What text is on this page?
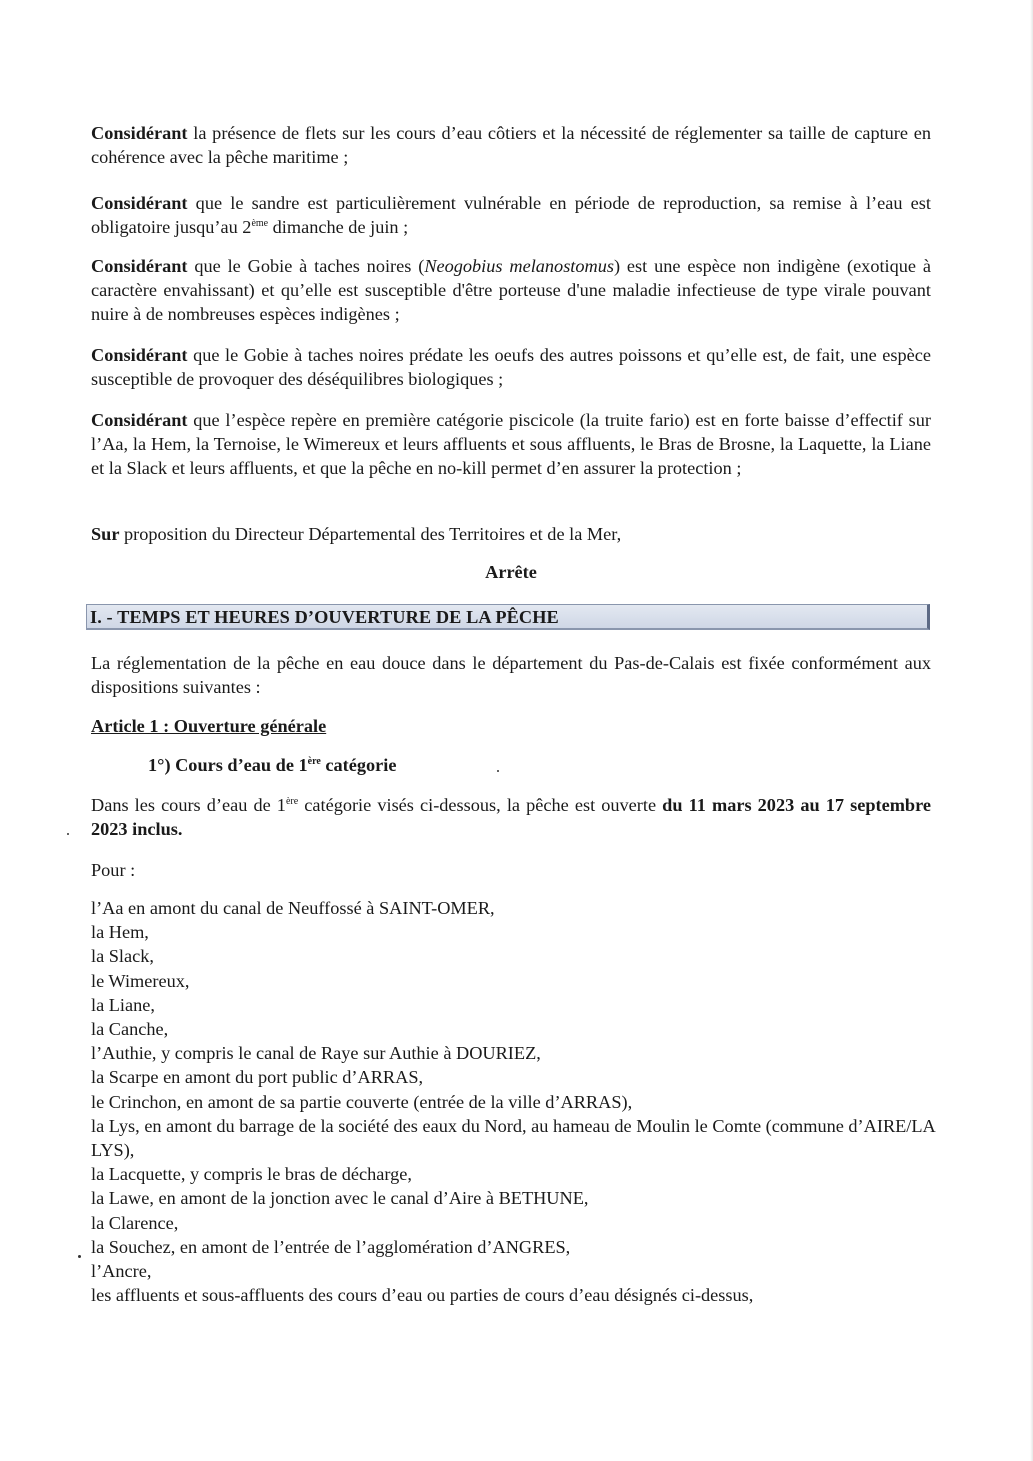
Considérant la présence de flets sur les cours d’eau côtiers et la nécessité de réglementer sa taille de capture en cohérence avec la pêche maritime ;
Considérant que le sandre est particulièrement vulnérable en période de reproduction, sa remise à l’eau est obligatoire jusqu’au 2ème dimanche de juin ;
Considérant que le Gobie à taches noires (Neogobius melanostomus) est une espèce non indigène (exotique à caractère envahissant) et qu’elle est susceptible d'être porteuse d'une maladie infectieuse de type virale pouvant nuire à de nombreuses espèces indigènes ;
Considérant que le Gobie à taches noires prédate les oeufs des autres poissons et qu’elle est, de fait, une espèce susceptible de provoquer des déséquilibres biologiques ;
Considérant que l’espèce repère en première catégorie piscicole (la truite fario) est en forte baisse d’effectif sur l’Aa, la Hem, la Ternoise, le Wimereux et leurs affluents et sous affluents, le Bras de Brosne, la Laquette, la Liane et la Slack et leurs affluents, et que la pêche en no-kill permet d’en assurer la protection ;
Sur proposition du Directeur Départemental des Territoires et de la Mer,
Arrête
I. - TEMPS ET HEURES D’OUVERTURE DE LA PÊCHE
La réglementation de la pêche en eau douce dans le département du Pas-de-Calais est fixée conformément aux dispositions suivantes :
Article 1 : Ouverture générale
1°) Cours d’eau de 1ère catégorie
Dans les cours d’eau de 1ère catégorie visés ci-dessous, la pêche est ouverte du 11 mars 2023 au 17 septembre 2023 inclus.
Pour :
l’Aa en amont du canal de Neuffossé à SAINT-OMER,
la Hem,
la Slack,
le Wimereux,
la Liane,
la Canche,
l’Authie, y compris le canal de Raye sur Authie à DOURIEZ,
la Scarpe en amont du port public d’ARRAS,
le Crinchon, en amont de sa partie couverte (entrée de la ville d’ARRAS),
la Lys, en amont du barrage de la société des eaux du Nord, au hameau de Moulin le Comte (commune d’AIRE/LA LYS),
la Lacquette, y compris le bras de décharge,
la Lawe, en amont de la jonction avec le canal d’Aire à BETHUNE,
la Clarence,
la Souchez, en amont de l’entrée de l’agglomération d’ANGRES,
l’Ancre,
les affluents et sous-affluents des cours d’eau ou parties de cours d’eau désignés ci-dessus,
